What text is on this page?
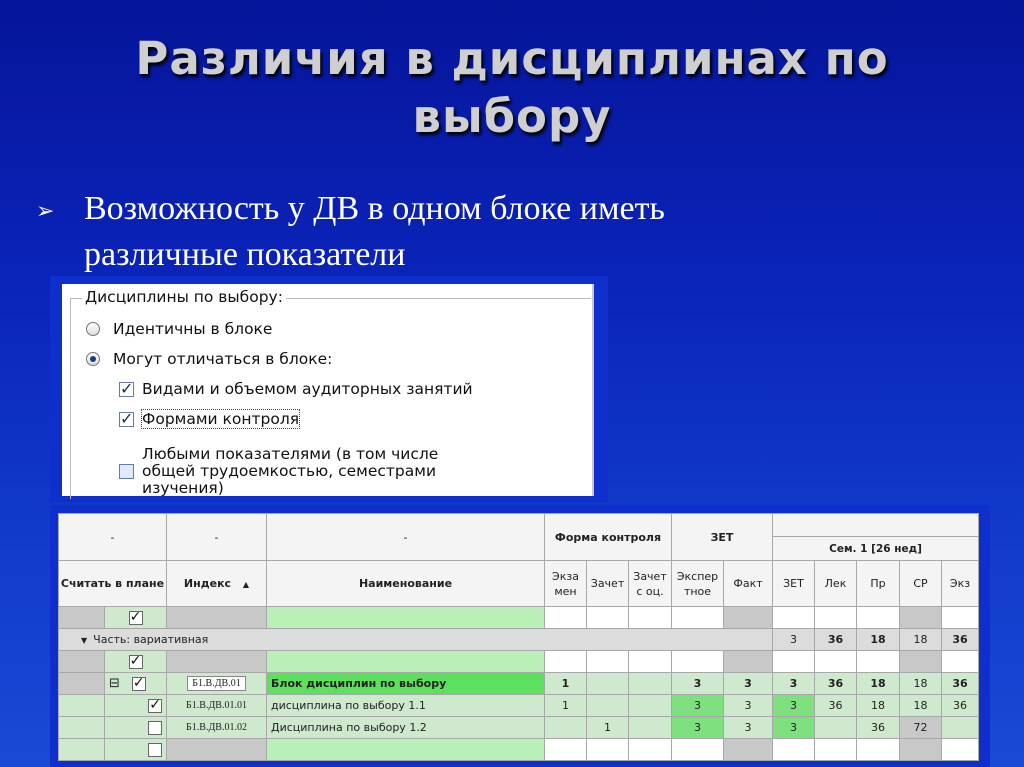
Различия в дисциплинах по
выбору
➢ Возможность у ДВ в одном блоке иметь
различные показатели
Дисциплины по выбору:
Идентичны в блоке
Могут отличаться в блоке:
✓ Видами и объемом аудиторных занятий
✓ Формами контроля
Любыми показателями (в том числе
общей трудоемкостью, семестрами
изучения)
-		-	-	Форма контроля			ЗЕТ						
									Сем. 1 [26 нед]				
Считать в плане		Индекс ▲	Наименование	Экза мен	Зачет	Зачет с оц.	Экспер тное	Факт	ЗЕТ	Лек	Пр	СР	Экз
	✓												
▼ Часть: вариативная									3	36	18	18	36
	✓												
	⊟ ✓	Б1.В.ДВ.01	Блок дисциплин по выбору	1			3	3	3	36	18	18	36
	✓	Б1.В.ДВ.01.01	дисциплина по выбору 1.1	1			3	3	3	36	18	18	36
		Б1.В.ДВ.01.02	Дисциплина по выбору 1.2		1		3	3	3		36	72	
